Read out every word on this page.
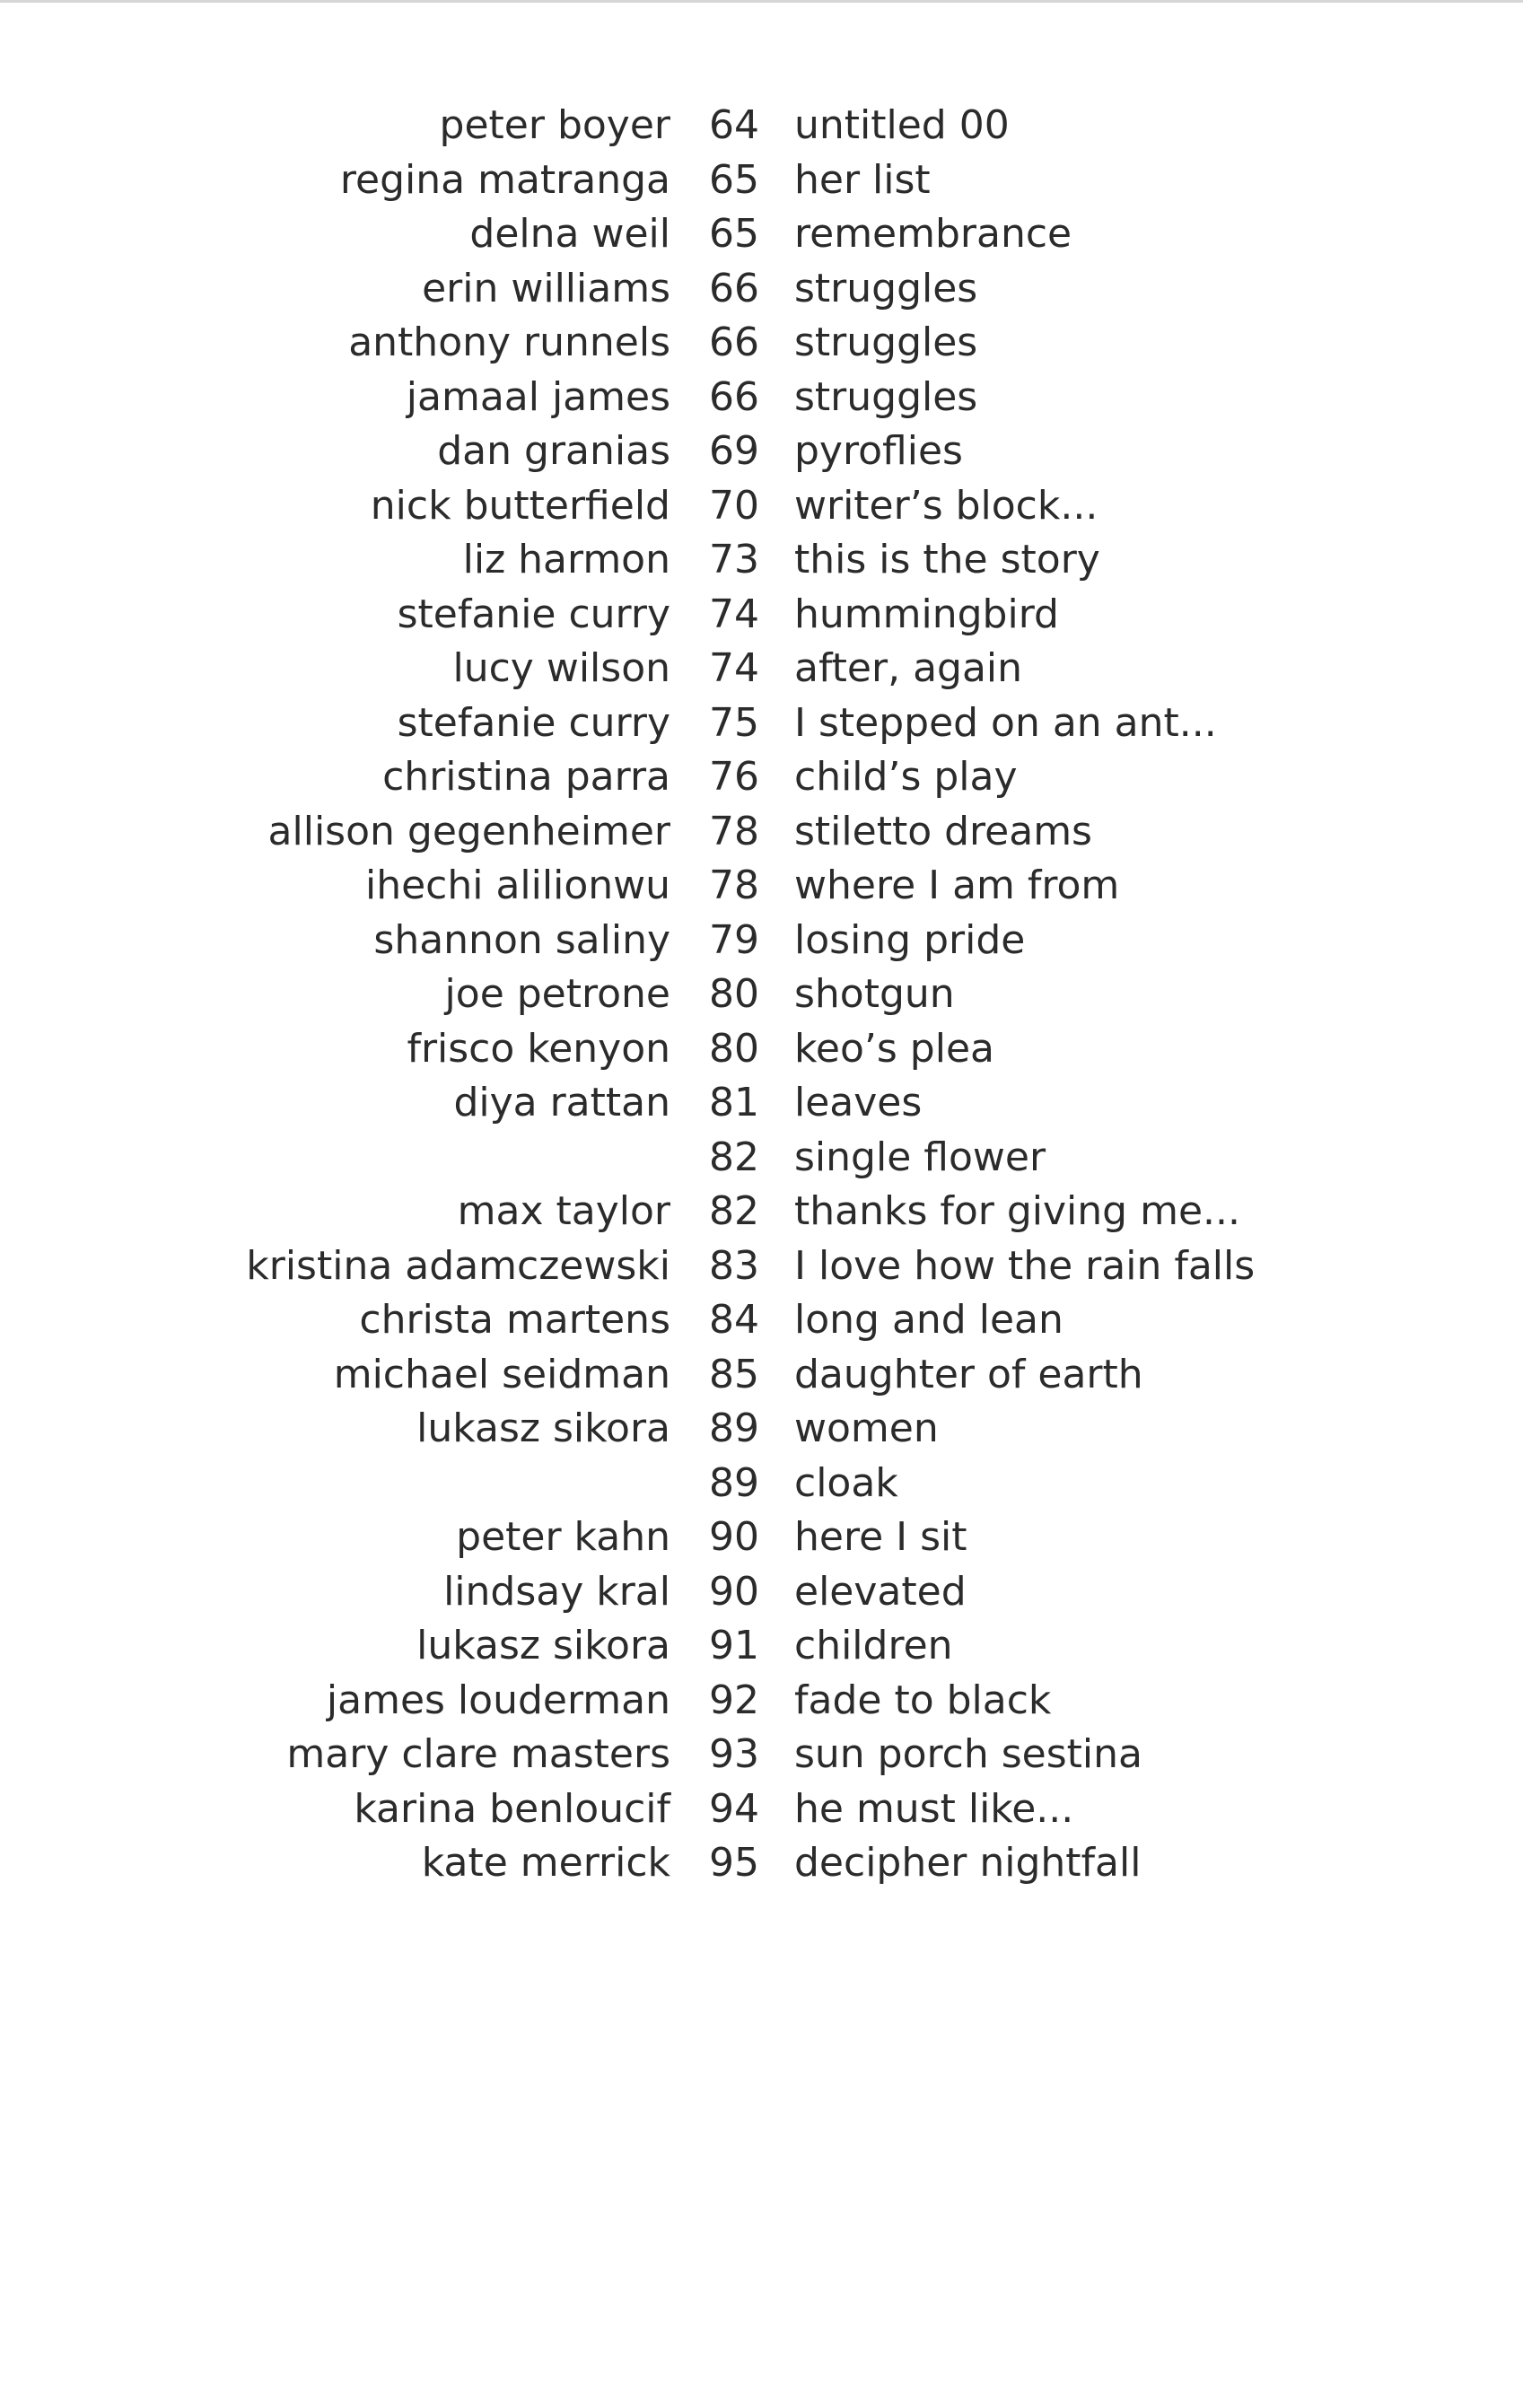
peter boyer 64 untitled 00
regina matranga 65 her list
delna weil 65 remembrance
erin williams 66 struggles
anthony runnels 66 struggles
jamaal james 66 struggles
dan granias 69 pyroflies
nick butterfield 70 writer’s block...
liz harmon 73 this is the story
stefanie curry 74 hummingbird
lucy wilson 74 after, again
stefanie curry 75 I stepped on an ant...
christina parra 76 child’s play
allison gegenheimer 78 stiletto dreams
ihechi alilionwu 78 where I am from
shannon saliny 79 losing pride
joe petrone 80 shotgun
frisco kenyon 80 keo’s plea
diya rattan 81 leaves
82 single flower
max taylor 82 thanks for giving me...
kristina adamczewski 83 I love how the rain falls
christa martens 84 long and lean
michael seidman 85 daughter of earth
lukasz sikora 89 women
89 cloak
peter kahn 90 here I sit
lindsay kral 90 elevated
lukasz sikora 91 children
james louderman 92 fade to black
mary clare masters 93 sun porch sestina
karina benloucif 94 he must like...
kate merrick 95 decipher nightfall
